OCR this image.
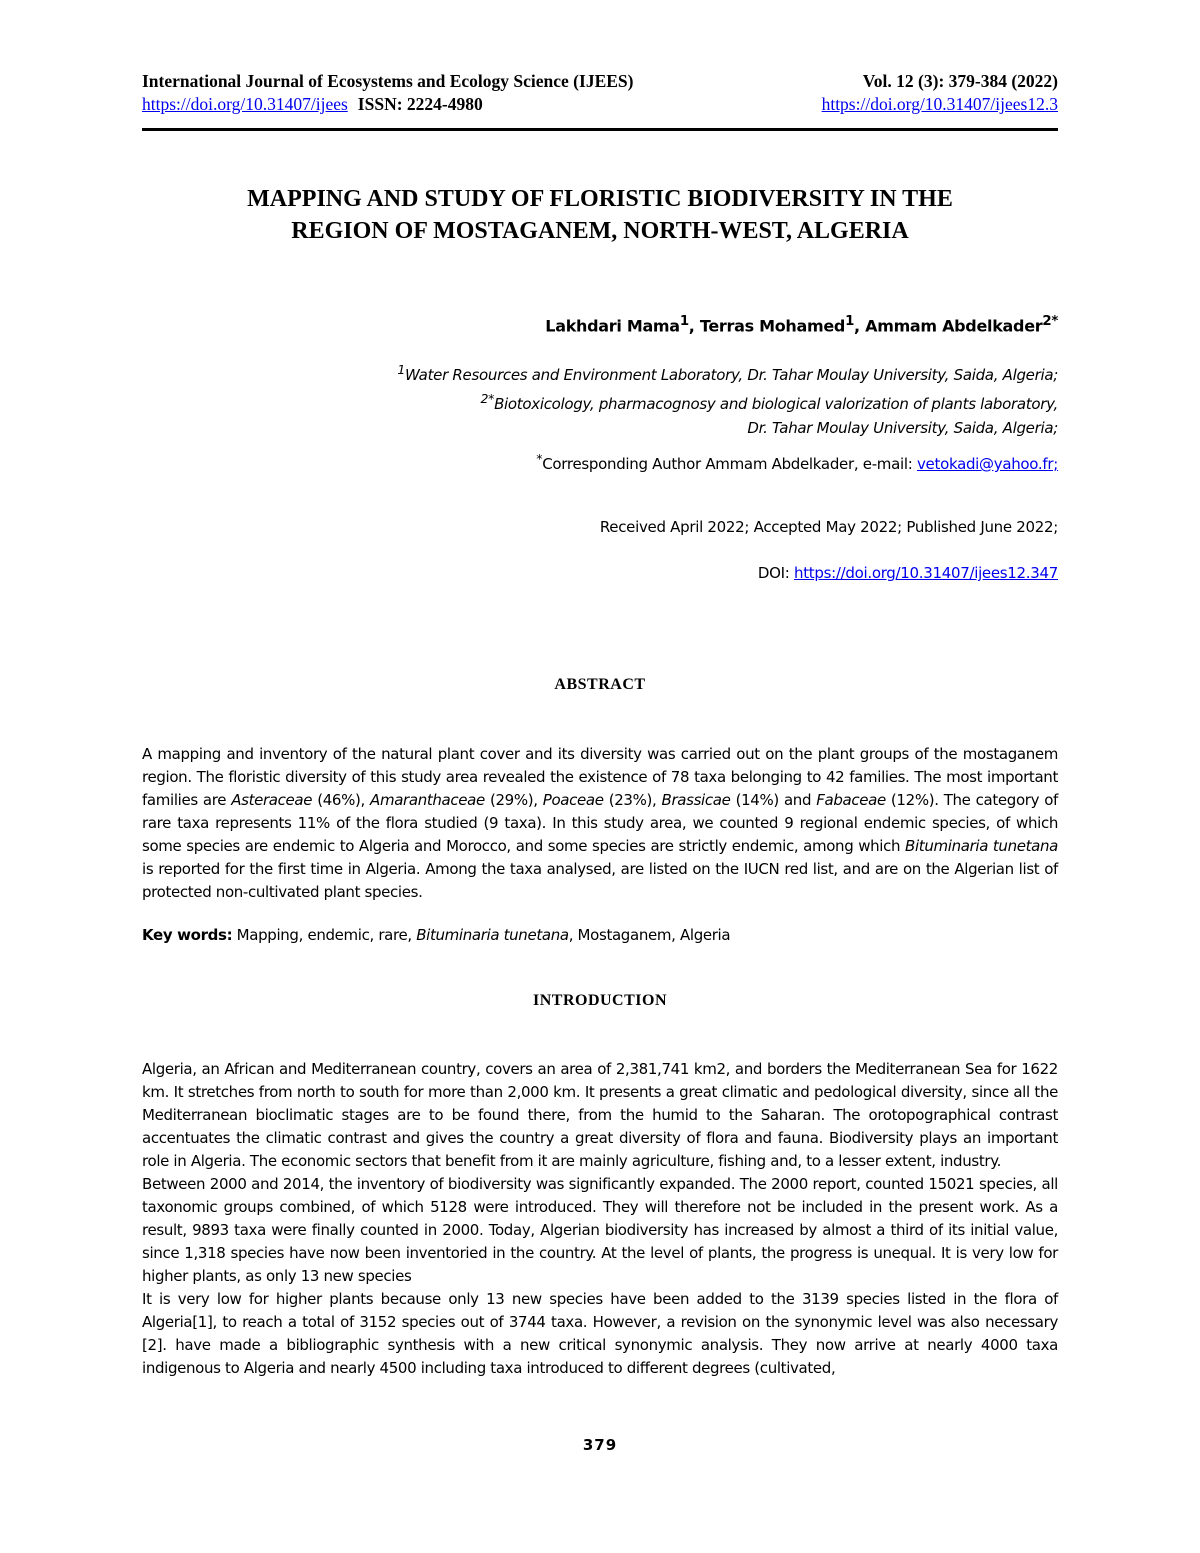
International Journal of Ecosystems and Ecology Science (IJEES)	Vol. 12 (3): 379-384 (2022)
https://doi.org/10.31407/ijees ISSN: 2224-4980	https://doi.org/10.31407/ijees12.3
MAPPING AND STUDY OF FLORISTIC BIODIVERSITY IN THE
REGION OF MOSTAGANEM, NORTH-WEST, ALGERIA
Lakhdari Mama$^1$, Terras Mohamed$^1$, Ammam Abdelkader$^{2*}$
$^1$Water Resources and Environment Laboratory, Dr. Tahar Moulay University, Saida, Algeria;
$^{2*}$Biotoxicology, pharmacognosy and biological valorization of plants laboratory,
Dr. Tahar Moulay University, Saida, Algeria;
*Corresponding Author Ammam Abdelkader, e-mail: vetokadi@yahoo.fr;
Received April 2022; Accepted May 2022; Published June 2022;
DOI: https://doi.org/10.31407/ijees12.347
ABSTRACT
A mapping and inventory of the natural plant cover and its diversity was carried out on the plant groups of the mostaganem region. The floristic diversity of this study area revealed the existence of 78 taxa belonging to 42 families. The most important families are Asteraceae (46%), Amaranthaceae (29%), Poaceae (23%), Brassicae (14%) and Fabaceae (12%). The category of rare taxa represents 11% of the flora studied (9 taxa). In this study area, we counted 9 regional endemic species, of which some species are endemic to Algeria and Morocco, and some species are strictly endemic, among which Bituminaria tunetana is reported for the first time in Algeria. Among the taxa analysed, are listed on the IUCN red list, and are on the Algerian list of protected non-cultivated plant species.
Key words: Mapping, endemic, rare, Bituminaria tunetana, Mostaganem, Algeria
INTRODUCTION

Algeria, an African and Mediterranean country, covers an area of 2,381,741 km2, and borders the Mediterranean Sea for 1622 km. It stretches from north to south for more than 2,000 km. It presents a great climatic and pedological diversity, since all the Mediterranean bioclimatic stages are to be found there, from the humid to the Saharan. The orotopographical contrast accentuates the climatic contrast and gives the country a great diversity of flora and fauna. Biodiversity plays an important role in Algeria. The economic sectors that benefit from it are mainly agriculture, fishing and, to a lesser extent, industry.

Between 2000 and 2014, the inventory of biodiversity was significantly expanded. The 2000 report, counted 15021 species, all taxonomic groups combined, of which 5128 were introduced. They will therefore not be included in the present work. As a result, 9893 taxa were finally counted in 2000. Today, Algerian biodiversity has increased by almost a third of its initial value, since 1,318 species have now been inventoried in the country. At the level of plants, the progress is unequal. It is very low for higher plants, as only 13 new species

It is very low for higher plants because only 13 new species have been added to the 3139 species listed in the flora of Algeria[1], to reach a total of 3152 species out of 3744 taxa. However, a revision on the synonymic level was also necessary [2]. have made a bibliographic synthesis with a new critical synonymic analysis. They now arrive at nearly 4000 taxa indigenous to Algeria and nearly 4500 including taxa introduced to different degrees (cultivated,

379
